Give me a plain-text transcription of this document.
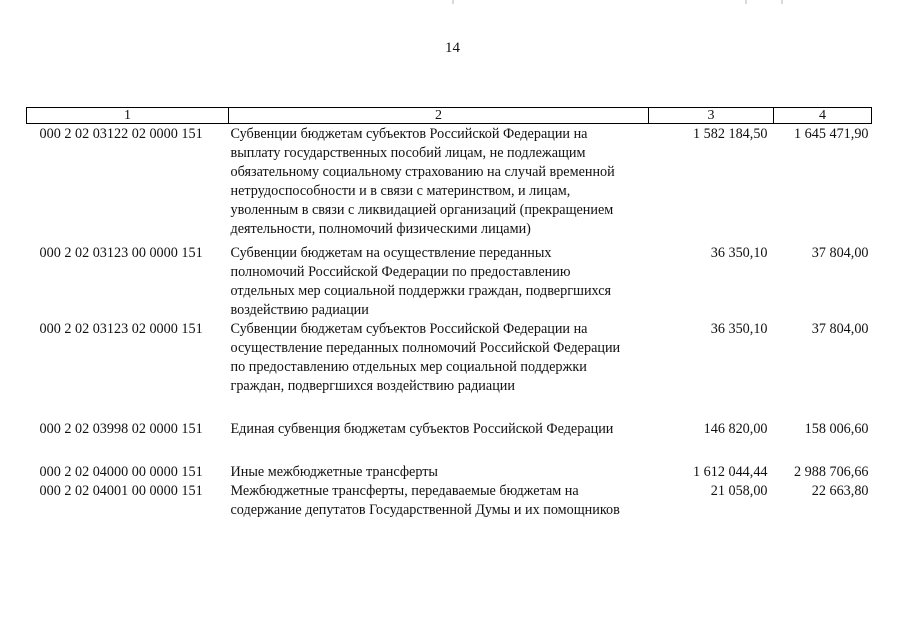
14
1	2	3	4
000 2 02 03122 02 0000 151	Субвенции бюджетам субъектов Российской Федерации на выплату государственных пособий лицам, не подлежащим обязательному социальному страхованию на случай временной нетрудоспособности и в связи с материнством, и лицам, уволенным в связи с ликвидацией организаций (прекращением деятельности, полномочий физическими лицами)	1 582 184,50	1 645 471,90
000 2 02 03123 00 0000 151	Субвенции бюджетам на осуществление переданных полномочий Российской Федерации по предоставлению отдельных мер социальной поддержки граждан, подвергшихся воздействию радиации	36 350,10	37 804,00
000 2 02 03123 02 0000 151	Субвенции бюджетам субъектов Российской Федерации на осуществление переданных полномочий Российской Федерации по предоставлению отдельных мер социальной поддержки граждан, подвергшихся воздействию радиации	36 350,10	37 804,00
000 2 02 03998 02 0000 151	Единая субвенция бюджетам субъектов Российской Федерации	146 820,00	158 006,60
000 2 02 04000 00 0000 151	Иные межбюджетные трансферты	1 612 044,44	2 988 706,66
000 2 02 04001 00 0000 151	Межбюджетные трансферты, передаваемые бюджетам на содержание депутатов Государственной Думы и их помощников	21 058,00	22 663,80
